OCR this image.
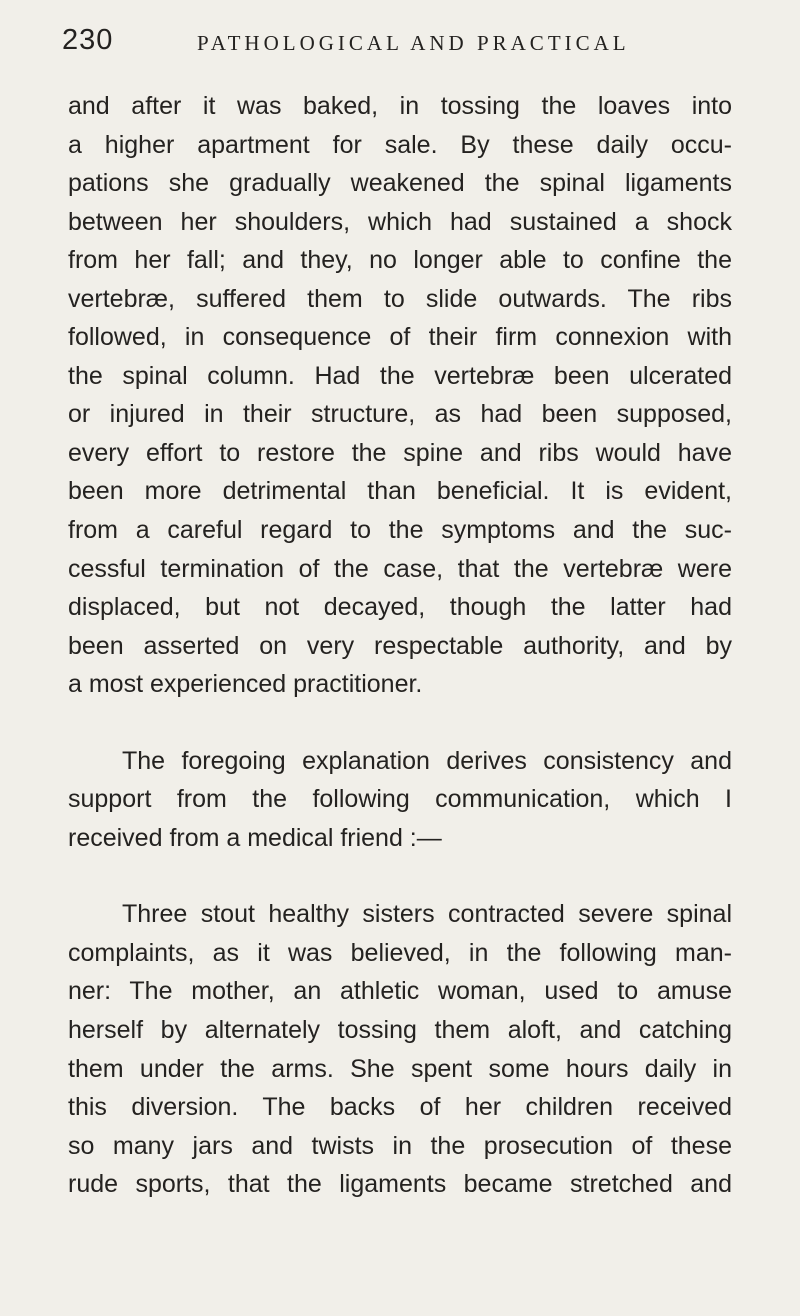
230	PATHOLOGICAL AND PRACTICAL

and after it was baked, in tossing the loaves into
a higher apartment for sale. By these daily occu-
pations she gradually weakened the spinal ligaments
between her shoulders, which had sustained a shock
from her fall; and they, no longer able to confine the
vertebræ, suffered them to slide outwards. The ribs
followed, in consequence of their firm connexion with
the spinal column. Had the vertebræ been ulcerated
or injured in their structure, as had been supposed,
every effort to restore the spine and ribs would have
been more detrimental than beneficial. It is evident,
from a careful regard to the symptoms and the suc-
cessful termination of the case, that the vertebræ were
displaced, but not decayed, though the latter had
been asserted on very respectable authority, and by
a most experienced practitioner.

The foregoing explanation derives consistency and
support from the following communication, which I
received from a medical friend :—

Three stout healthy sisters contracted severe spinal
complaints, as it was believed, in the following man-
ner: The mother, an athletic woman, used to amuse
herself by alternately tossing them aloft, and catching
them under the arms. She spent some hours daily in
this diversion. The backs of her children received
so many jars and twists in the prosecution of these
rude sports, that the ligaments became stretched and
